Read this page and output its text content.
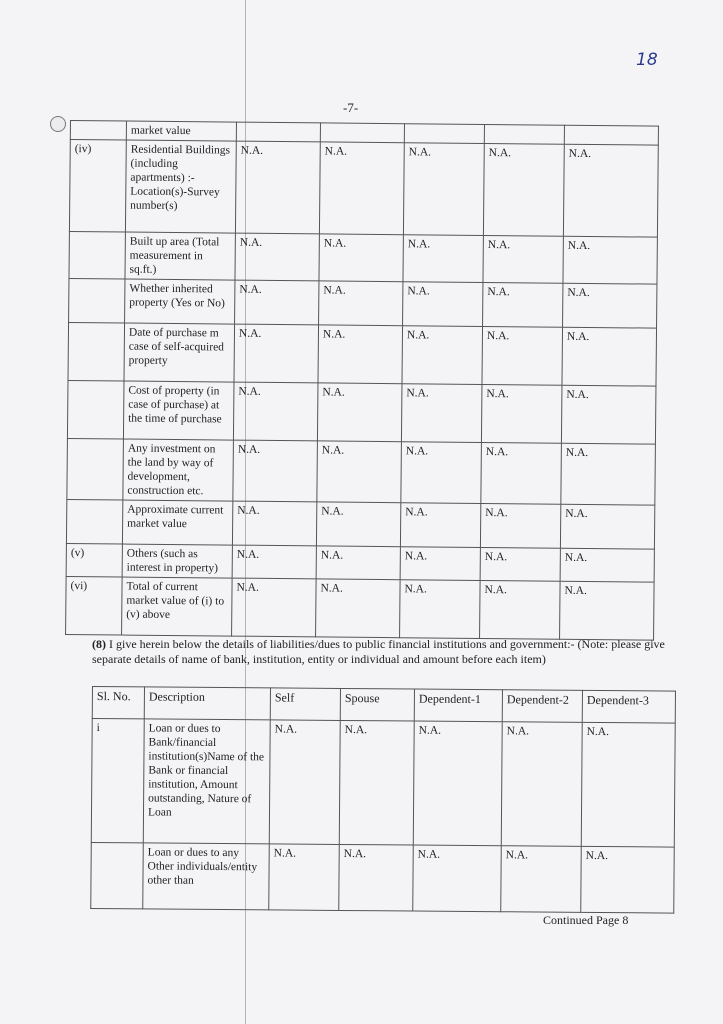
18
-7-
	market value					
(iv)	Residential Buildings (including apartments) :- Location(s)-Survey number(s)	N.A.	N.A.	N.A.	N.A.	N.A.
	Built up area (Total measurement in sq.ft.)	N.A.	N.A.	N.A.	N.A.	N.A.
	Whether inherited property (Yes or No)	N.A.	N.A.	N.A.	N.A.	N.A.
	Date of purchase m case of self-acquired property	N.A.	N.A.	N.A.	N.A.	N.A.
	Cost of property (in case of purchase) at the time of purchase	N.A.	N.A.	N.A.	N.A.	N.A.
	Any investment on the land by way of development, construction etc.	N.A.	N.A.	N.A.	N.A.	N.A.
	Approximate current market value	N.A.	N.A.	N.A.	N.A.	N.A.
(v)	Others (such as interest in property)	N.A.	N.A.	N.A.	N.A.	N.A.
(vi)	Total of current market value of (i) to (v) above	N.A.	N.A.	N.A.	N.A.	N.A.
(8) I give herein below the details of liabilities/dues to public financial institutions and government:- (Note: please give separate details of name of bank, institution, entity or individual and amount before each item)
Sl. No.	Description	Self	Spouse	Dependent-1	Dependent-2	Dependent-3
i	Loan or dues to Bank/financial institution(s)Name of the Bank or financial institution, Amount outstanding, Nature of Loan	N.A.	N.A.	N.A.	N.A.	N.A.
	Loan or dues to any Other individuals/entity other than	N.A.	N.A.	N.A.	N.A.	N.A.
Continued Page 8
